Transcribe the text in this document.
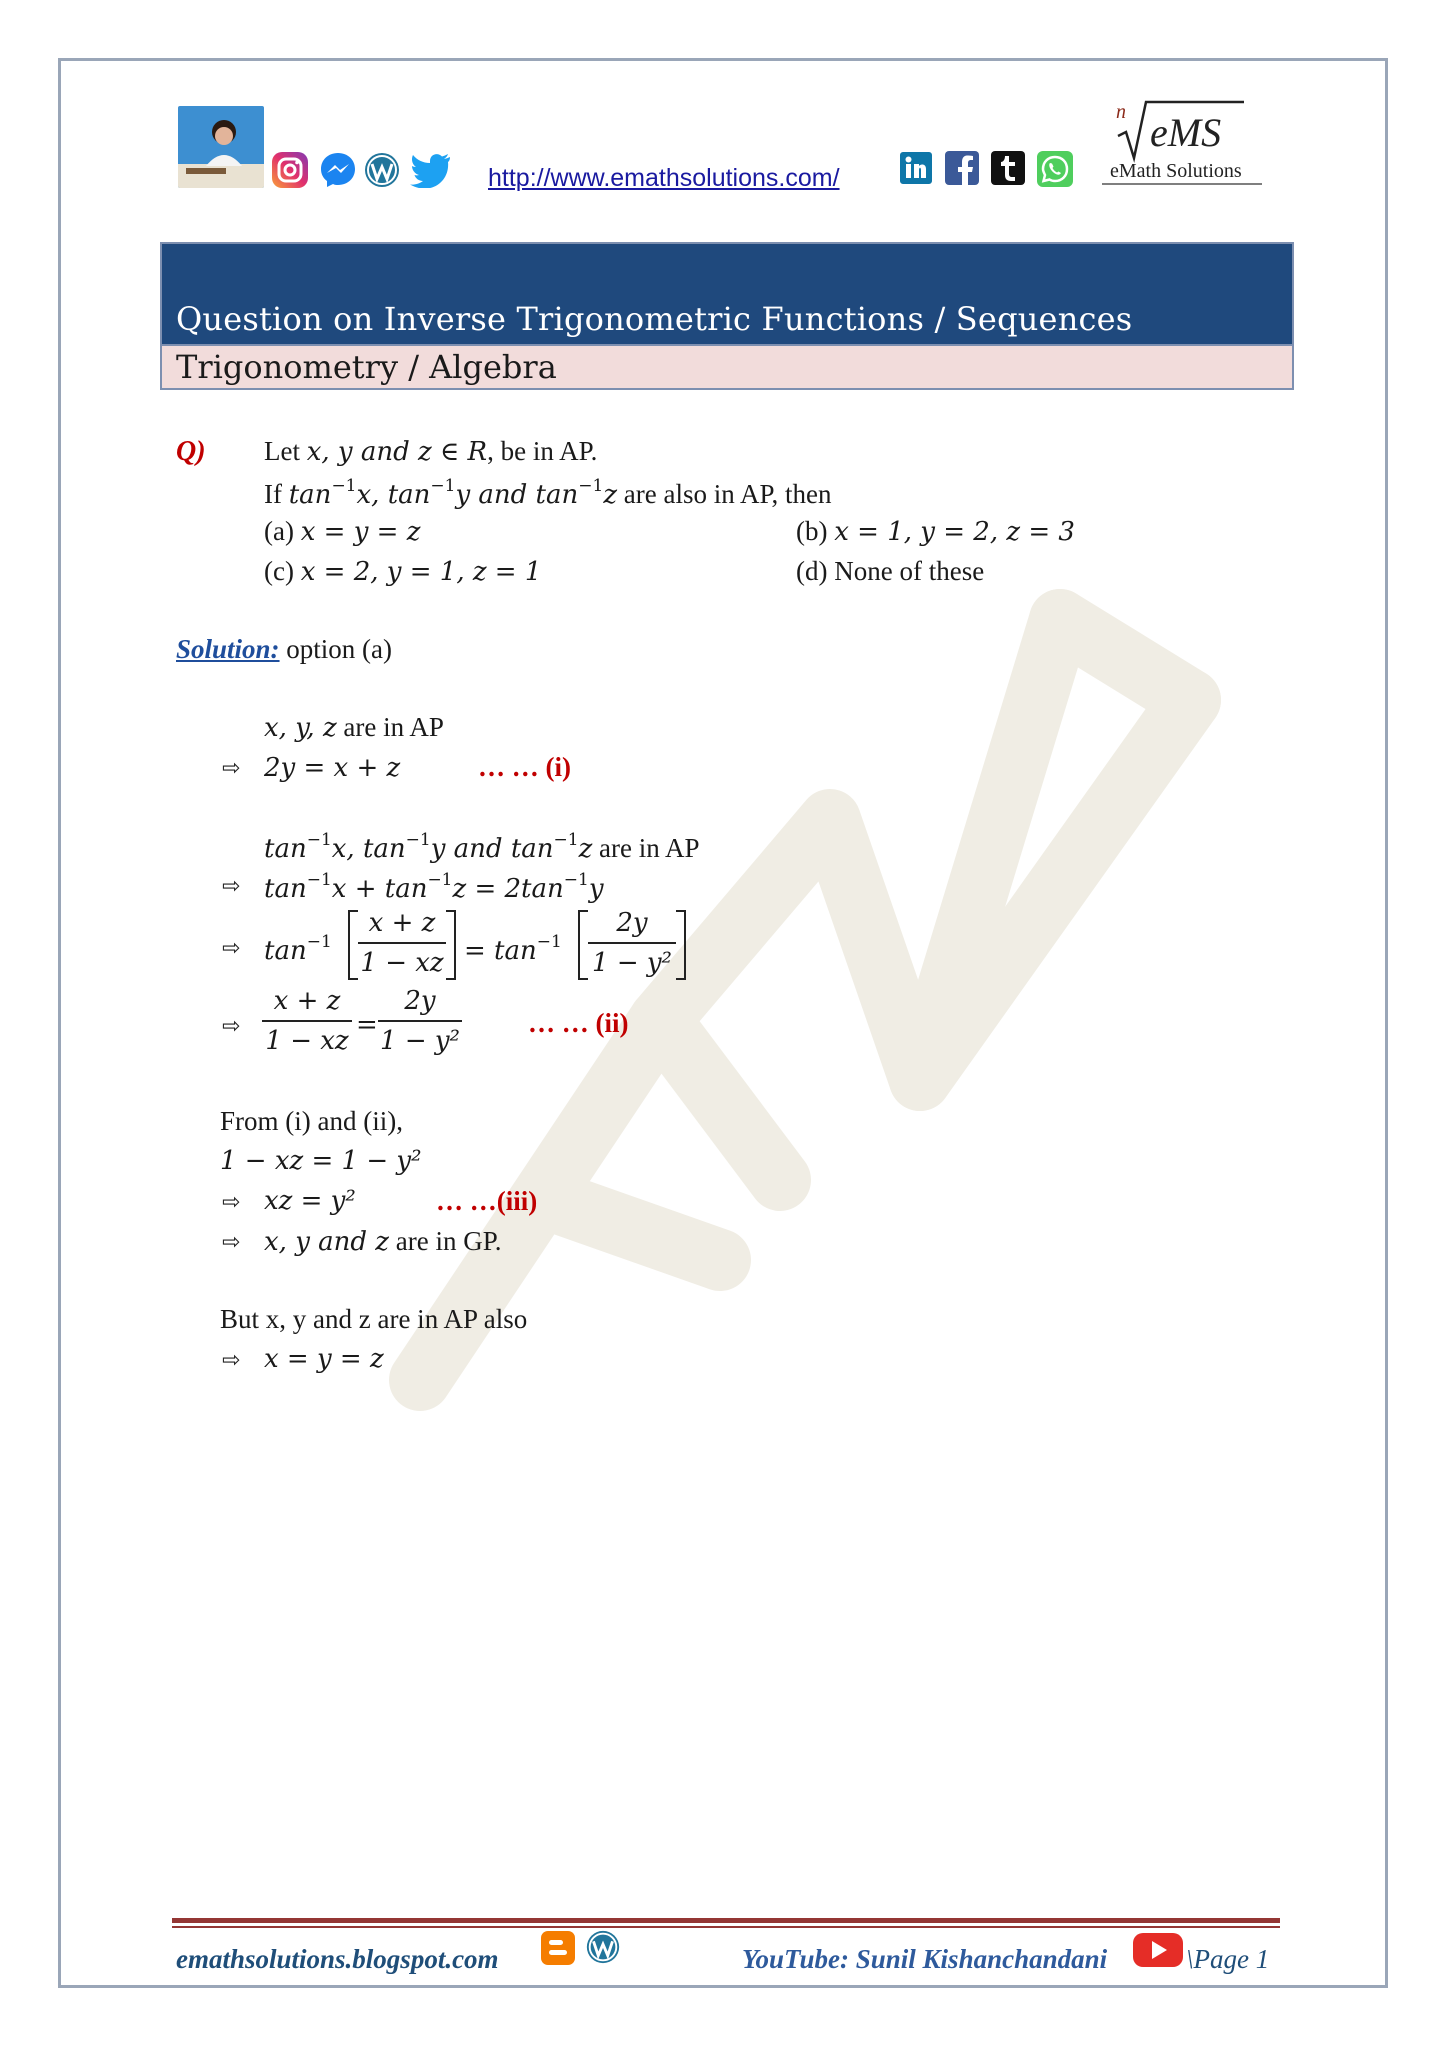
http://www.emathsolutions.com/
n eMS
eMath Solutions
Question on Inverse Trigonometric Functions / Sequences
Trigonometry / Algebra
Q) Let x, y and z ∈ R, be in AP.
If $\tan^{-1}x$, $\tan^{-1}y$ and $\tan^{-1}z$ are also in AP, then
(a) x = y = z	(b) x = 1, y = 2, z = 3
(c) x = 2, y = 1, z = 1	(d) None of these
Solution: option (a)
x, y, z are in AP
⇨ 2y = x + z	… … (i)
$\tan^{-1}x$, $\tan^{-1}y$ and $\tan^{-1}z$ are in AP
⇨ $\tan^{-1}x + \tan^{-1}z = 2\tan^{-1}y$
⇨ $\tan^{-1} \frac{x + z}{1 - xz} = \tan^{-1} \frac{2y}{\text{1 − y²}}$
⇨ $\frac{x + z}{1 - xz} = \frac{2y}{\text{1 − y²}}$ … … (ii)
From (i) and (ii),
1 − xz = 1 − y²
⇨ xz = y²	… …(iii)
⇨ x, y and z are in GP.
But x, y and z are in AP also
⇨ x = y = z
emathsolutions.blogspot.com	YouTube: Sunil Kishanchandani	\Page 1
